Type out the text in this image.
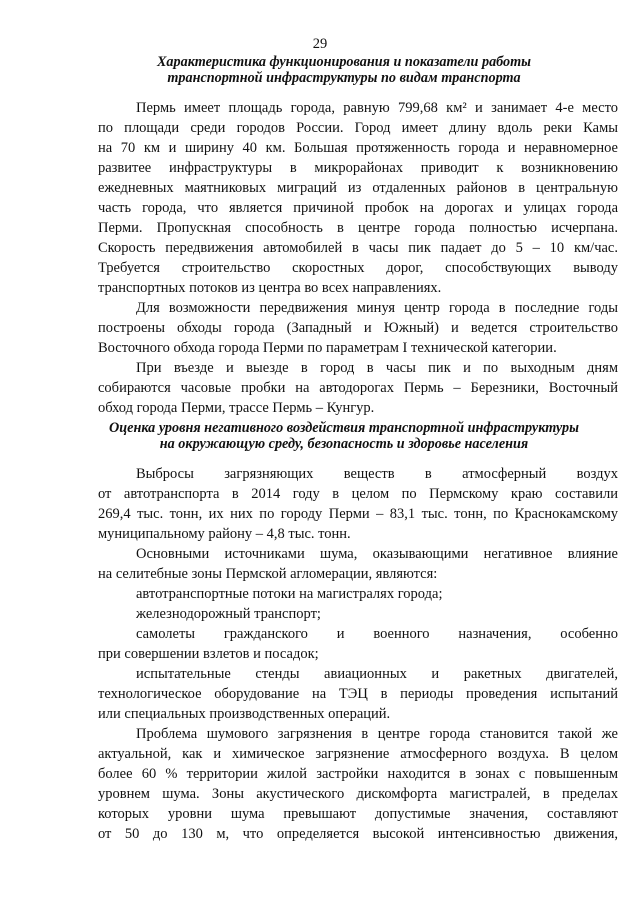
29
Характеристика функционирования и показатели работы
транспортной инфраструктуры по видам транспорта

Пермь имеет площадь города, равную 799,68 км² и занимает 4-е место
по площади среди городов России. Город имеет длину вдоль реки Камы
на 70 км и ширину 40 км. Большая протяженность города и неравномерное
развитее инфраструктуры в микрорайонах приводит к возникновению
ежедневных маятниковых миграций из отдаленных районов в центральную
часть города, что является причиной пробок на дорогах и улицах города
Перми. Пропускная способность в центре города полностью исчерпана.
Скорость передвижения автомобилей в часы пик падает до 5 – 10 км/час.
Требуется строительство скоростных дорог, способствующих выводу
транспортных потоков из центра во всех направлениях.

Для возможности передвижения минуя центр города в последние годы
построены обходы города (Западный и Южный) и ведется строительство
Восточного обхода города Перми по параметрам I технической категории.

При въезде и выезде в город в часы пик и по выходным дням
собираются часовые пробки на автодорогах Пермь – Березники, Восточный
обход города Перми, трассе Пермь – Кунгур.

Оценка уровня негативного воздействия транспортной инфраструктуры
на окружающую среду, безопасность и здоровье населения

Выбросы загрязняющих веществ в атмосферный воздух
от автотранспорта в 2014 году в целом по Пермскому краю составили
269,4 тыс. тонн, их них по городу Перми – 83,1 тыс. тонн, по Краснокамскому
муниципальному району – 4,8 тыс. тонн.

Основными источниками шума, оказывающими негативное влияние
на селитебные зоны Пермской агломерации, являются:

автотранспортные потоки на магистралях города;

железнодорожный транспорт;

самолеты гражданского и военного назначения, особенно
при совершении взлетов и посадок;

испытательные стенды авиационных и ракетных двигателей,
технологическое оборудование на ТЭЦ в периоды проведения испытаний
или специальных производственных операций.

Проблема шумового загрязнения в центре города становится такой же
актуальной, как и химическое загрязнение атмосферного воздуха. В целом
более 60 % территории жилой застройки находится в зонах с повышенным
уровнем шума. Зоны акустического дискомфорта магистралей, в пределах
которых уровни шума превышают допустимые значения, составляют
от 50 до 130 м, что определяется высокой интенсивностью движения,
